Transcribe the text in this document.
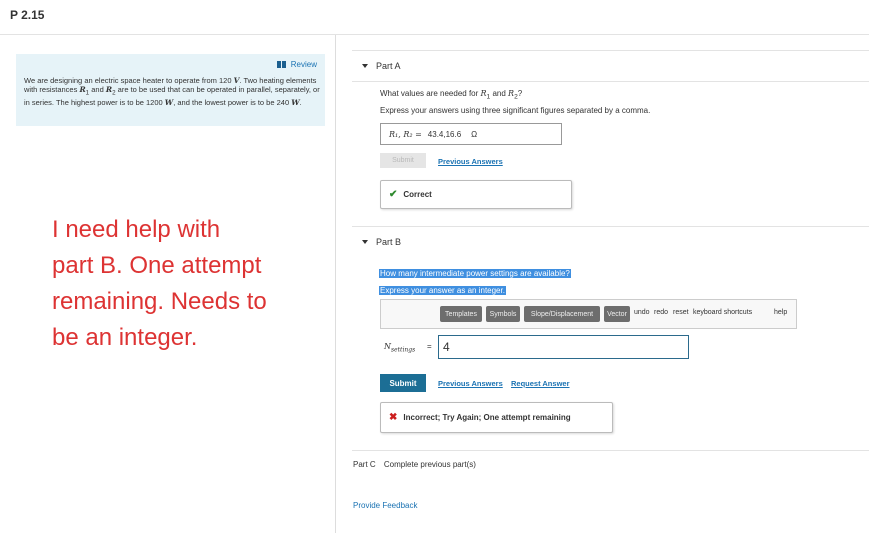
P 2.15
Review
We are designing an electric space heater to operate from 120 V. Two heating elements with resistances $R_1$ and $R_2$ are to be used that can be operated in parallel, separately, or in series. The highest power is to be 1200 W, and the lowest power is to be 240 W.
I need help with
part B. One attempt
remaining. Needs to
be an integer.
Part A
What values are needed for $R_1$ and $R_2$?
Express your answers using three significant figures separated by a comma.
R₁, R₂ = 43.4,16.6 Ω
Submit	Previous Answers
✔ Correct
Part B
How many intermediate power settings are available?
Express your answer as an integer.
Templates	Symbols	Slope/Displacement	Vector	undo redo reset keyboard shortcuts	help
$N_{settings} = 4$
Submit	Previous Answers Request Answer
✖ Incorrect; Try Again; One attempt remaining
Part C Complete previous part(s)
Provide Feedback
